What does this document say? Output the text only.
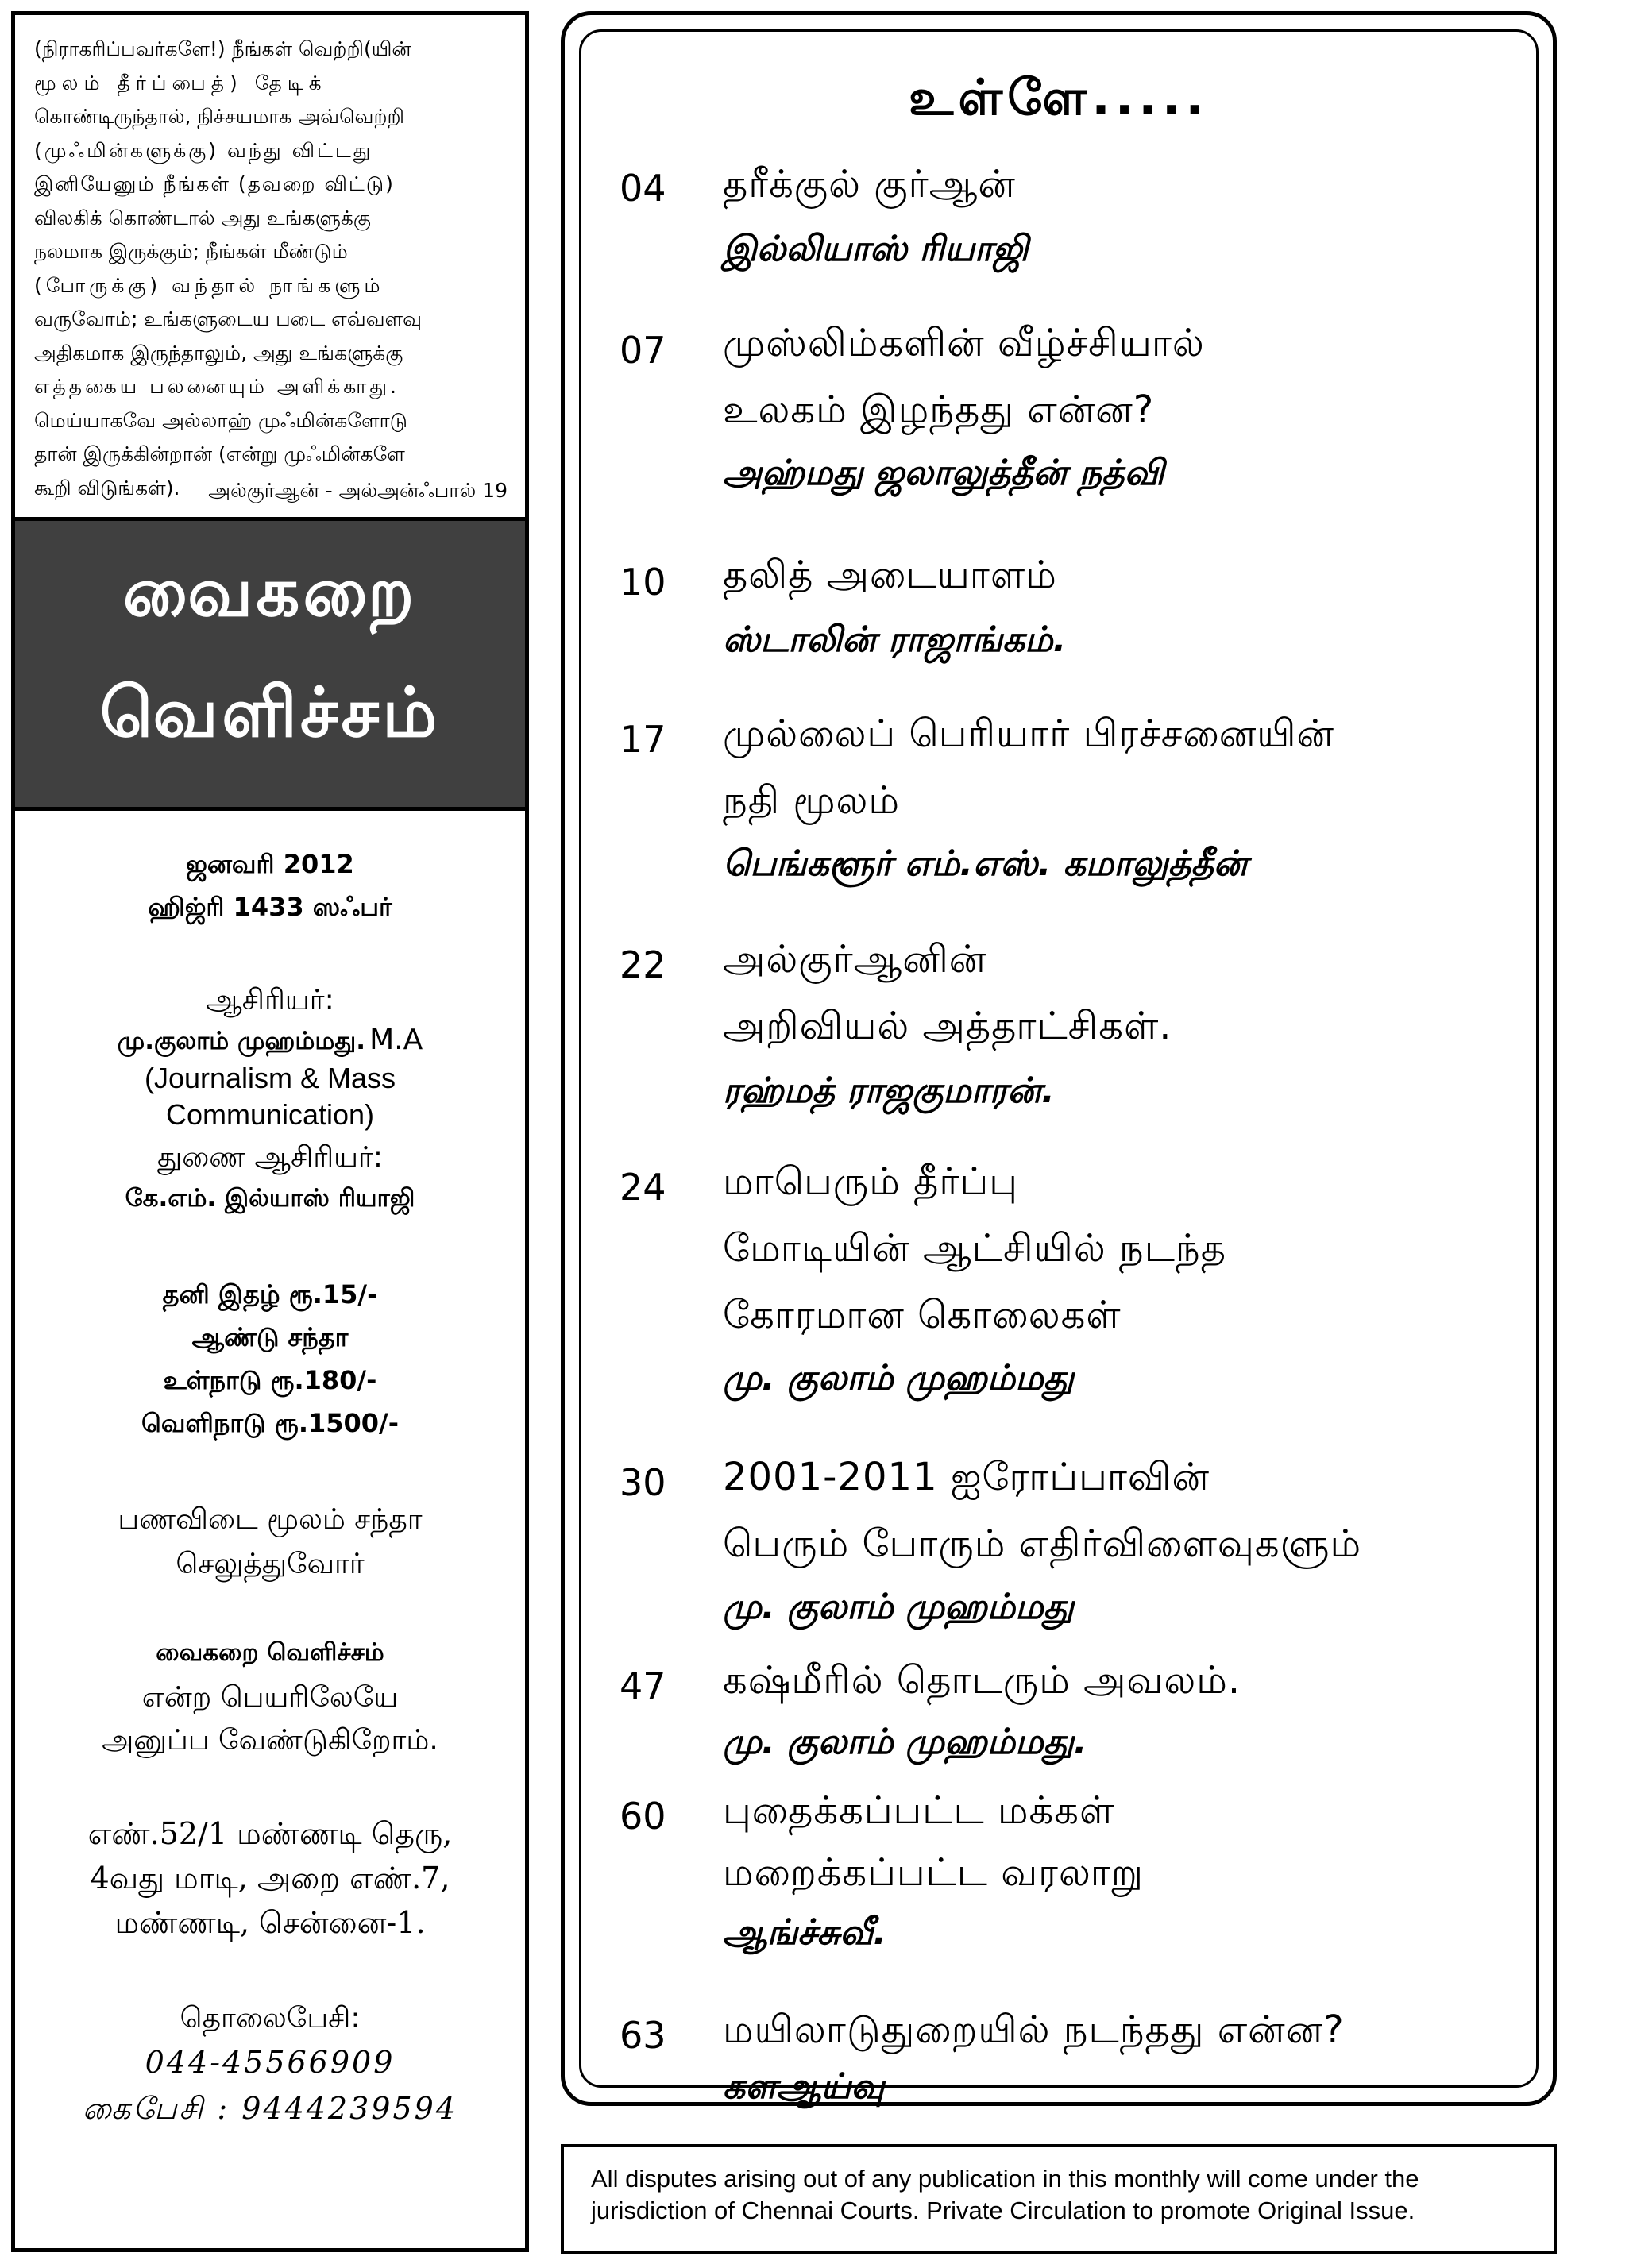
(நிராகரிப்பவர்களே!) நீங்கள் வெற்றி(யின்
மூலம் தீர்ப்பைத்) தேடிக்
கொண்டிருந்தால், நிச்சயமாக அவ்வெற்றி
(முஃமின்களுக்கு) வந்து விட்டது
இனியேனும் நீங்கள் (தவறை விட்டு)
விலகிக் கொண்டால் அது உங்களுக்கு
நலமாக இருக்கும்; நீங்கள் மீண்டும்
(போருக்கு) வந்தால் நாங்களும்
வருவோம்; உங்களுடைய படை எவ்வளவு
அதிகமாக இருந்தாலும், அது உங்களுக்கு
எத்தகைய பலனையும் அளிக்காது.
மெய்யாகவே அல்லாஹ் முஃமின்களோடு
தான் இருக்கின்றான் (என்று முஃமின்களே
கூறி விடுங்கள்).	அல்குர்ஆன் - அல்அன்ஃபால் 19
வைகறை
வெளிச்சம்
ஜனவரி 2012
ஹிஜ்ரி 1433 ஸஃபர்
ஆசிரியர்:
மு.குலாம் முஹம்மது. M.A
(Journalism & Mass
Communication)
துணை ஆசிரியர்:
கே.எம். இல்யாஸ் ரியாஜி
தனி இதழ் ரூ.15/-
ஆண்டு சந்தா
உள்நாடு ரூ.180/-
வெளிநாடு ரூ.1500/-
பணவிடை மூலம் சந்தா
செலுத்துவோர்
வைகறை வெளிச்சம்
என்ற பெயரிலேயே
அனுப்ப வேண்டுகிறோம்.
எண்.52/1 மண்ணடி தெரு,
4வது மாடி, அறை எண்.7,
மண்ணடி, சென்னை-1.
தொலைபேசி:
044-45566909
கைபேசி : 9444239594
உள்ளே.....
04 தரீக்குல் குர்ஆன்
இல்லியாஸ் ரியாஜி
07 முஸ்லிம்களின் வீழ்ச்சியால்
உலகம் இழந்தது என்ன?
அஹ்மது ஜலாலுத்தீன் நத்வி
10 தலித் அடையாளம்
ஸ்டாலின் ராஜாங்கம்.
17 முல்லைப் பெரியார் பிரச்சனையின்
நதி மூலம்
பெங்களூர் எம்.எஸ். கமாலுத்தீன்
22 அல்குர்ஆனின்
அறிவியல் அத்தாட்சிகள்.
ரஹ்மத் ராஜகுமாரன்.
24 மாபெரும் தீர்ப்பு
மோடியின் ஆட்சியில் நடந்த
கோரமான கொலைகள்
மு. குலாம் முஹம்மது
30 2001-2011 ஐரோப்பாவின்
பெரும் போரும் எதிர்விளைவுகளும்
மு. குலாம் முஹம்மது
47 கஷ்மீரில் தொடரும் அவலம்.
மு. குலாம் முஹம்மது.
60 புதைக்கப்பட்ட மக்கள்
மறைக்கப்பட்ட வரலாறு
ஆங்ச்சுவீ.
63 மயிலாடுதுறையில் நடந்தது என்ன?
களஆய்வு
All disputes arising out of any publication in this monthly will come under the
jurisdiction of Chennai Courts. Private Circulation to promote Original Issue.
